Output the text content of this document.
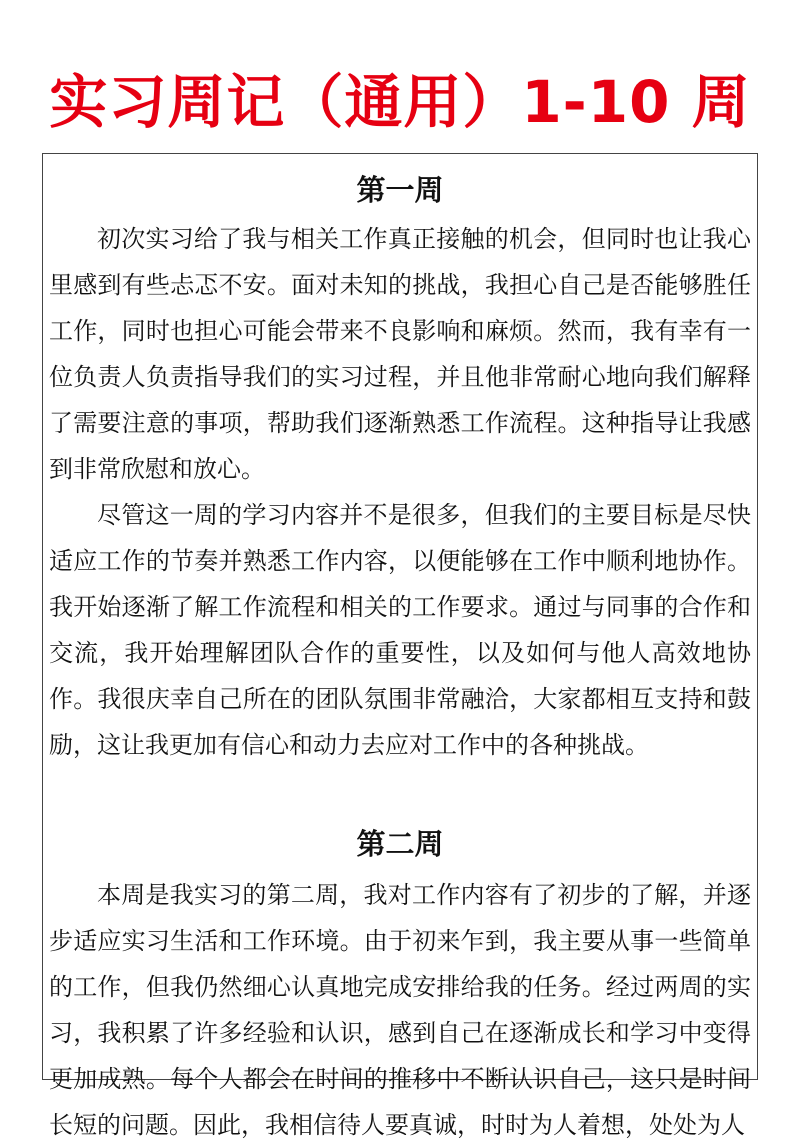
实习周记（通用）1-10 周
第一周

初次实习给了我与相关工作真正接触的机会，但同时也让我心里感到有些忐忑不安。面对未知的挑战，我担心自己是否能够胜任工作，同时也担心可能会带来不良影响和麻烦。然而，我有幸有一位负责人负责指导我们的实习过程，并且他非常耐心地向我们解释了需要注意的事项，帮助我们逐渐熟悉工作流程。这种指导让我感到非常欣慰和放心。

尽管这一周的学习内容并不是很多，但我们的主要目标是尽快适应工作的节奏并熟悉工作内容，以便能够在工作中顺利地协作。我开始逐渐了解工作流程和相关的工作要求。通过与同事的合作和交流，我开始理解团队合作的重要性，以及如何与他人高效地协作。我很庆幸自己所在的团队氛围非常融洽，大家都相互支持和鼓励，这让我更加有信心和动力去应对工作中的各种挑战。

第二周

本周是我实习的第二周，我对工作内容有了初步的了解，并逐步适应实习生活和工作环境。由于初来乍到，我主要从事一些简单的工作，但我仍然细心认真地完成安排给我的任务。经过两周的实习，我积累了许多经验和认识，感到自己在逐渐成长和学习中变得更加成熟。每个人都会在时间的推移中不断认识自己，这只是时间长短的问题。因此，我相信待人要真诚，时时为人着想，处处为人
